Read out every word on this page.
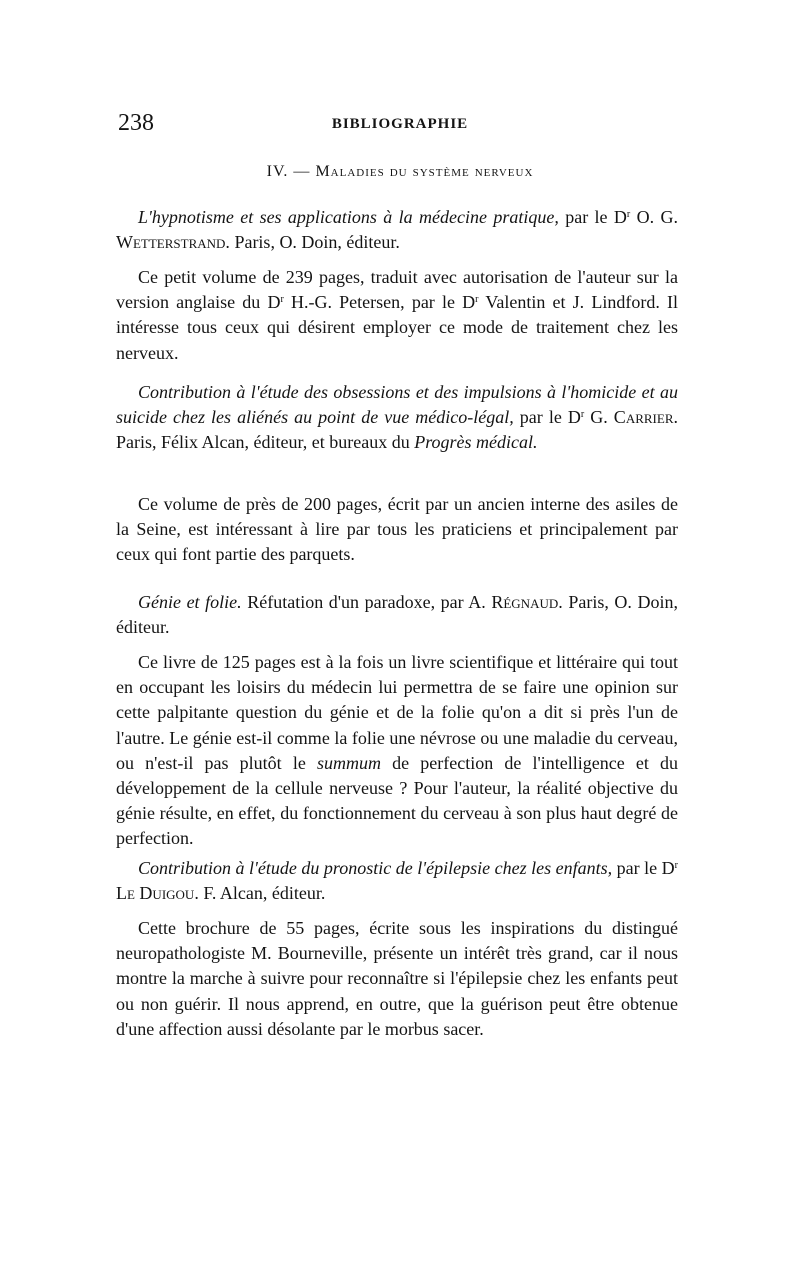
238	BIBLIOGRAPHIE
IV. — Maladies du système nerveux

L'hypnotisme et ses applications à la médecine pratique, par le $D^r$ O. G. Wetterstrand. Paris, O. Doin, éditeur.

Ce petit volume de 239 pages, traduit avec autorisation de l'auteur sur la version anglaise du $D^r$ H.-G. Petersen, par le $D^r$ Valentin et J. Lindford. Il intéresse tous ceux qui désirent employer ce mode de traitement chez les nerveux.

Contribution à l'étude des obsessions et des impulsions à l'homicide et au suicide chez les aliénés au point de vue médico-légal, par le $D^r$ G. Carrier. Paris, Félix Alcan, éditeur, et bureaux du Progrès médical.

Ce volume de près de 200 pages, écrit par un ancien interne des asiles de la Seine, est intéressant à lire par tous les praticiens et principalement par ceux qui font partie des parquets.

Génie et folie. Réfutation d'un paradoxe, par A. Régnaud. Paris, O. Doin, éditeur.

Ce livre de 125 pages est à la fois un livre scientifique et littéraire qui tout en occupant les loisirs du médecin lui permettra de se faire une opinion sur cette palpitante question du génie et de la folie qu'on a dit si près l'un de l'autre. Le génie est-il comme la folie une névrose ou une maladie du cerveau, ou n'est-il pas plutôt le summum de perfection de l'intelligence et du développement de la cellule nerveuse ? Pour l'auteur, la réalité objective du génie résulte, en effet, du fonctionnement du cerveau à son plus haut degré de perfection.

Contribution à l'étude du pronostic de l'épilepsie chez les enfants, par le $D^r$ Le Duigou. F. Alcan, éditeur.

Cette brochure de 55 pages, écrite sous les inspirations du distingué neuropathologiste M. Bourneville, présente un intérêt très grand, car il nous montre la marche à suivre pour reconnaître si l'épilepsie chez les enfants peut ou non guérir. Il nous apprend, en outre, que la guérison peut être obtenue d'une affection aussi désolante par le morbus sacer.
